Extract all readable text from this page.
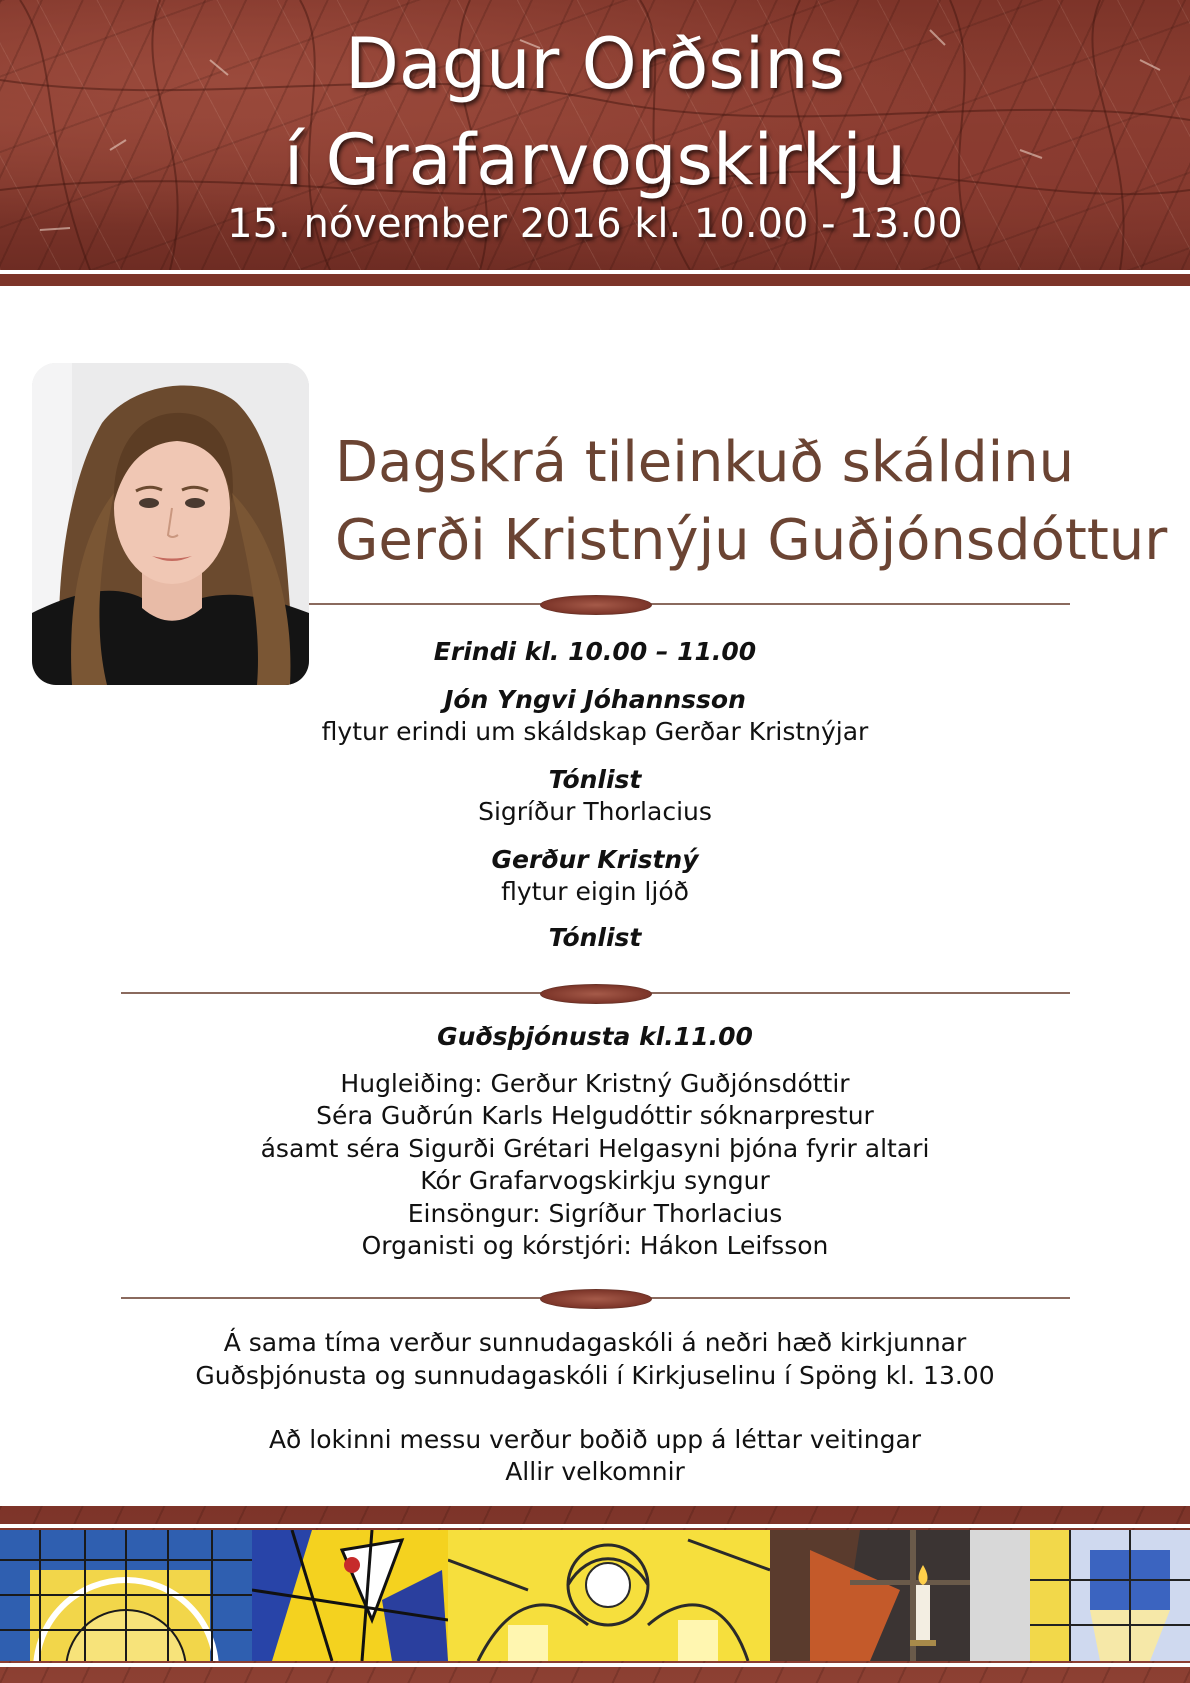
Dagur Orðsins
í Grafarvogskirkju
15. nóvember 2016 kl. 10.00 - 13.00
Dagskrá tileinkuð skáldinu
Gerði Kristnýju Guðjónsdóttur
Erindi kl. 10.00 – 11.00
Jón Yngvi Jóhannsson
flytur erindi um skáldskap Gerðar Kristnýjar
Tónlist
Sigríður Thorlacius
Gerður Kristný
flytur eigin ljóð
Tónlist
Guðsþjónusta kl.11.00
Hugleiðing: Gerður Kristný Guðjónsdóttir
Séra Guðrún Karls Helgudóttir sóknarprestur
ásamt séra Sigurði Grétari Helgasyni þjóna fyrir altari
Kór Grafarvogskirkju syngur
Einsöngur: Sigríður Thorlacius
Organisti og kórstjóri: Hákon Leifsson
Á sama tíma verður sunnudagaskóli á neðri hæð kirkjunnar
Guðsþjónusta og sunnudagaskóli í Kirkjuselinu í Spöng kl. 13.00
Að lokinni messu verður boðið upp á léttar veitingar
Allir velkomnir
